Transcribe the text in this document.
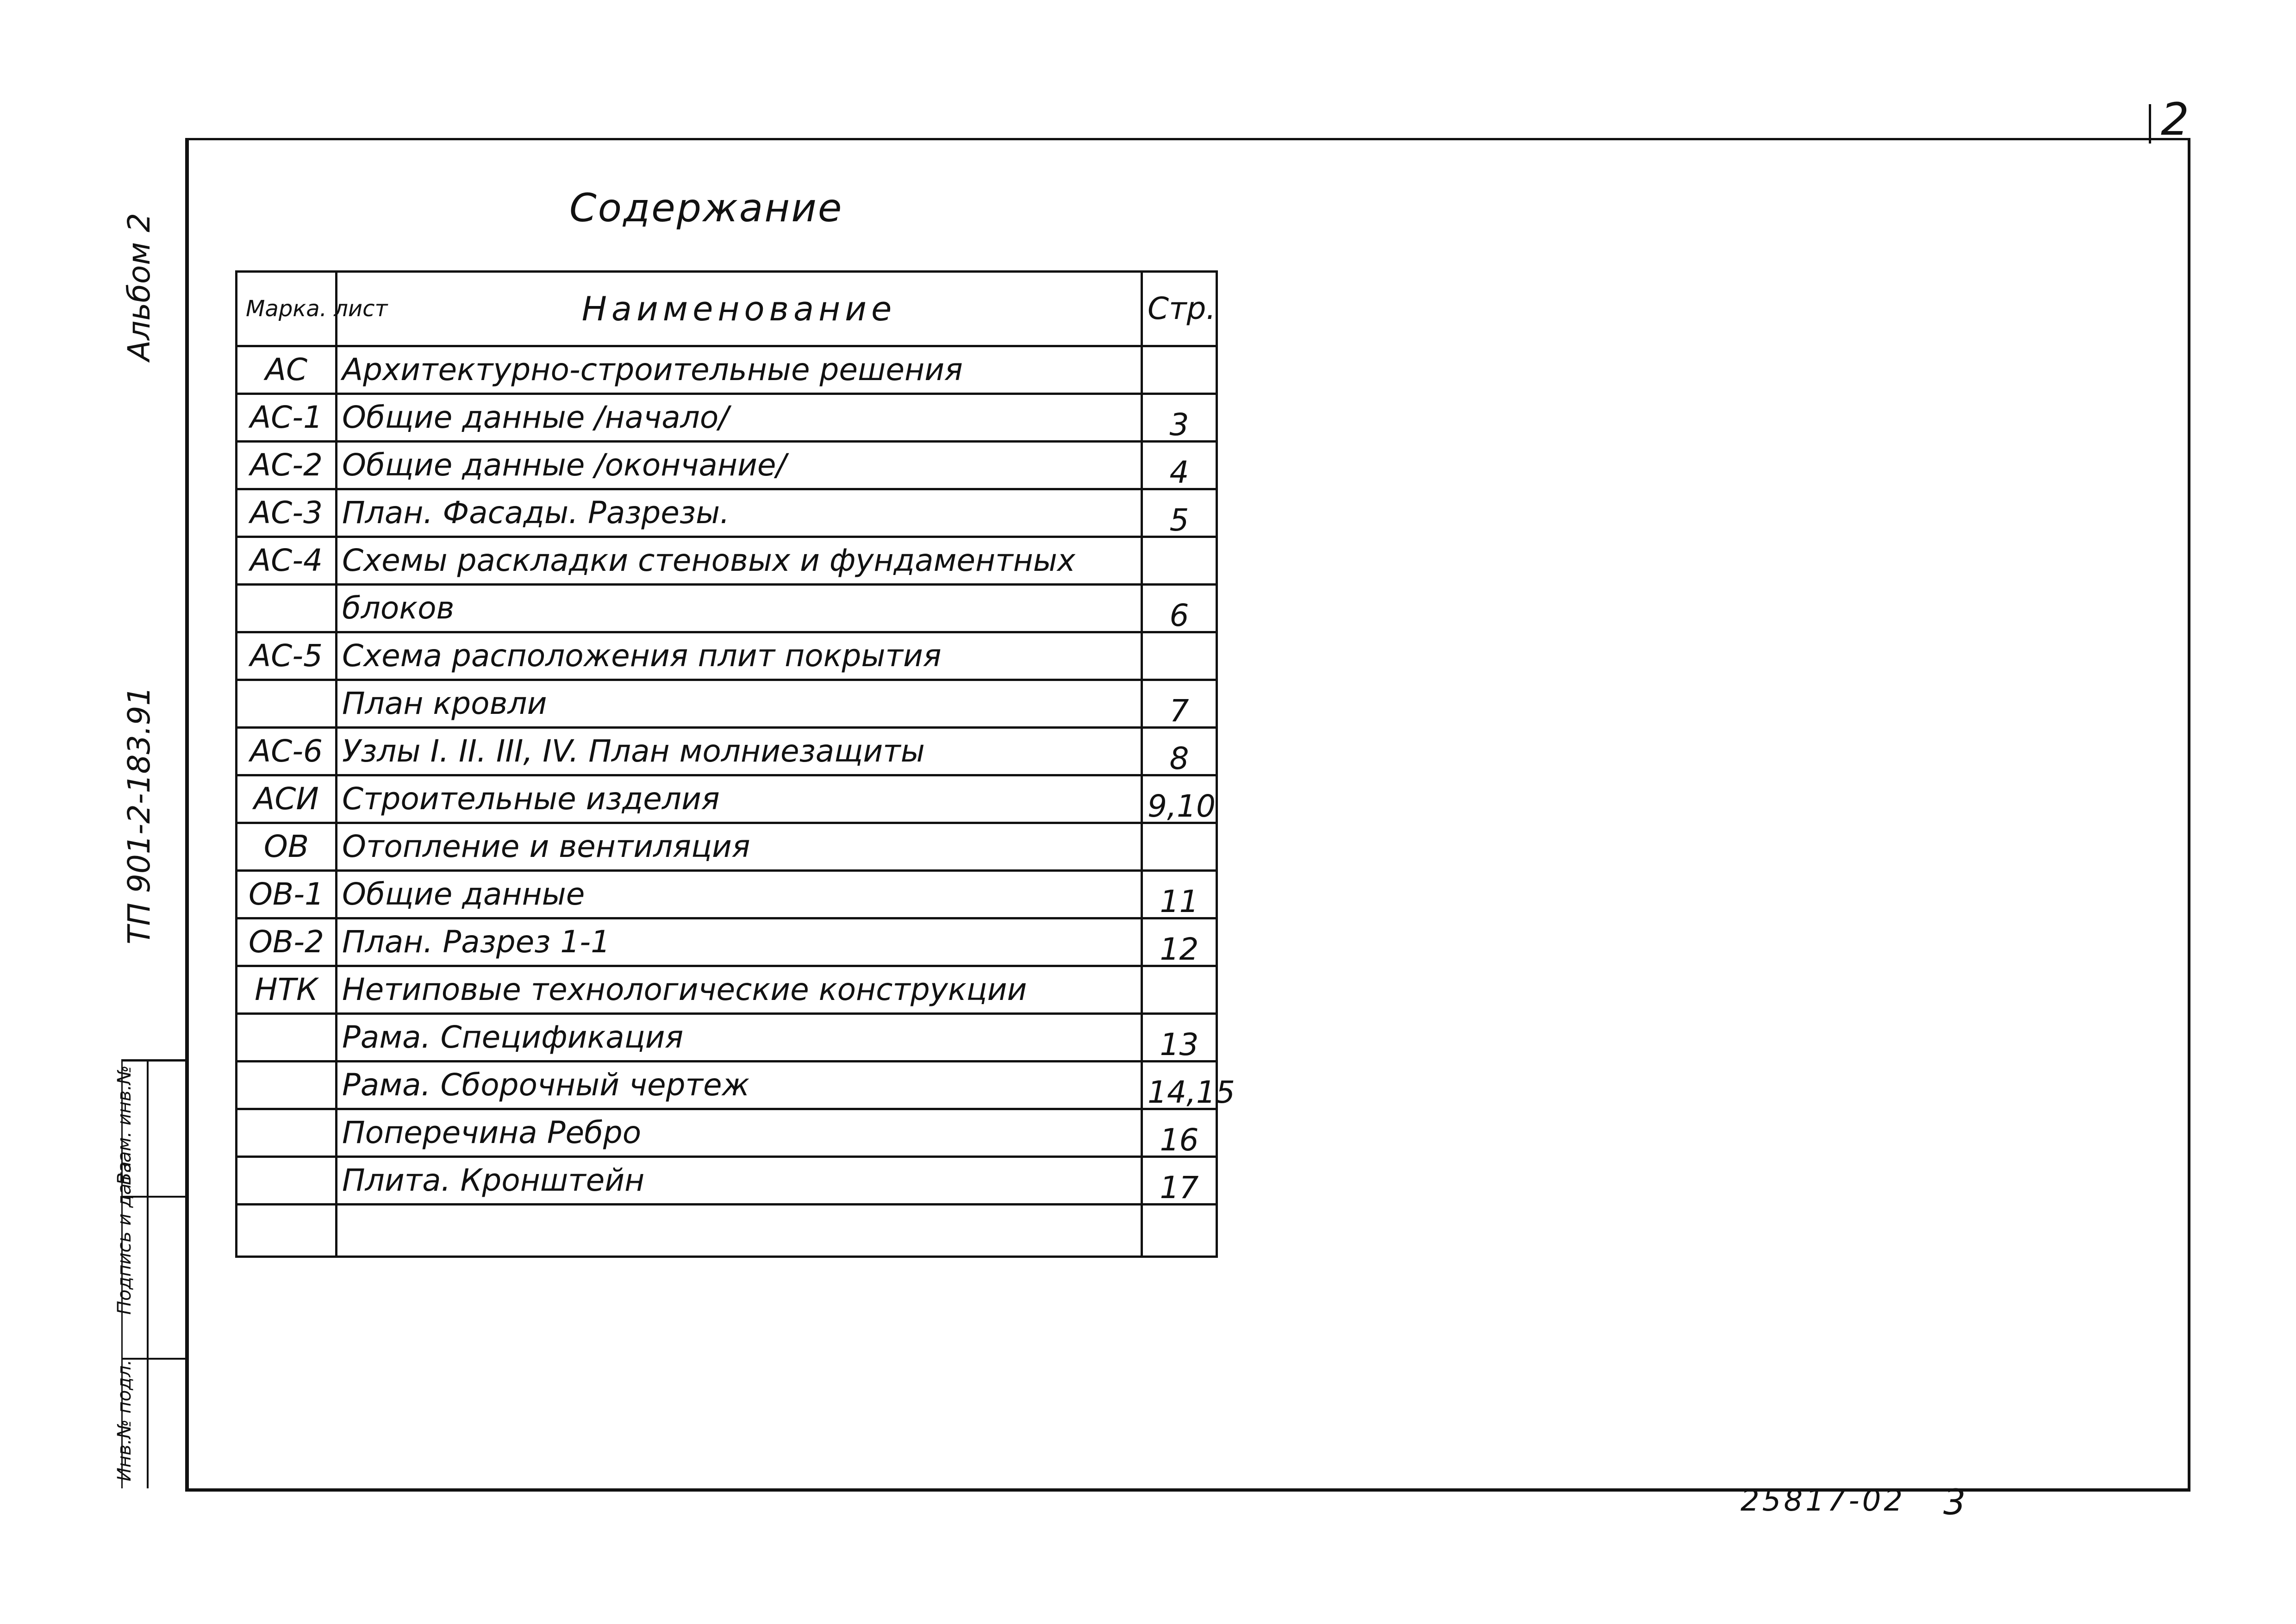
2
Альбом 2
ТП 901-2-183.91
Взам. инв.№
Подпись и дата
Инв.№ подл.
Содержание
Марка. лист	Наименование	Стр.
АС	Архитектурно-строительные решения	
АС-1	Общие данные /начало/	3
АС-2	Общие данные /окончание/	4
АС-3	План. Фасады. Разрезы.	5
АС-4	Схемы раскладки стеновых и фундаментных	
	блоков	6
АС-5	Схема расположения плит покрытия	
	План кровли	7
АС-6	Узлы I. II. III, IV. План молниезащиты	8
АСИ	Строительные изделия	9,10
ОВ	Отопление и вентиляция	
ОВ-1	Общие данные	11
ОВ-2	План. Разрез 1-1	12
НТК	Нетиповые технологические конструкции	
	Рама. Спецификация	13
	Рама. Сборочный чертеж	14,15
	Поперечина Ребро	16
	Плита. Кронштейн	17

25817-02 3
